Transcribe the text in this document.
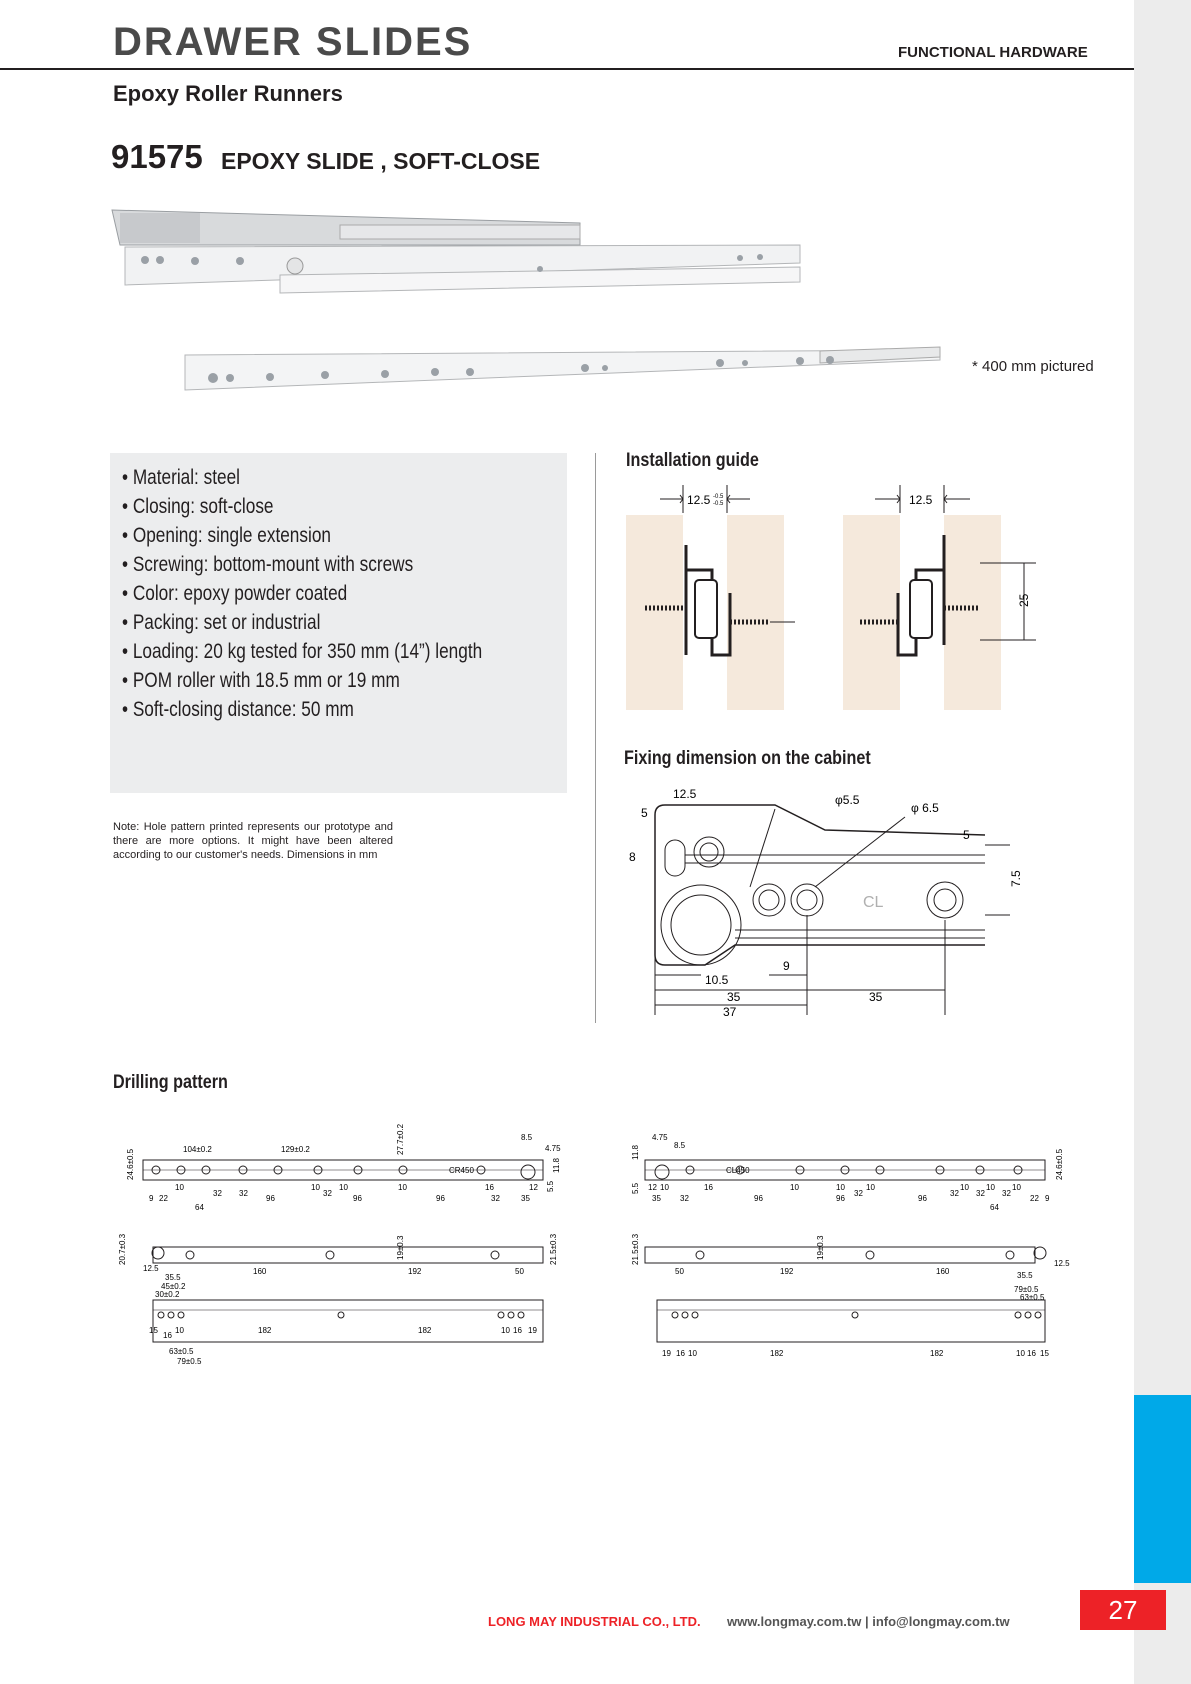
27
DRAWER SLIDES	FUNCTIONAL HARDWARE
Epoxy Roller Runners
91575 EPOXY SLIDE , SOFT-CLOSE
* 400 mm pictured
• Material: steel
• Closing: soft-close
• Opening: single extension
• Screwing: bottom-mount with screws
• Color: epoxy powder coated
• Packing: set or industrial
• Loading: 20 kg tested for 350 mm (14”) length
• POM roller with 18.5 mm or 19 mm
• Soft-closing distance: 50 mm
Note: Hole pattern printed represents our prototype and there are more options. It might have been altered according to our customer's needs. Dimensions in mm
Installation guide
12.5 -0.5
-0.5	12.5
25
Fixing dimension on the cabinet
12.5
5
φ5.5
φ 6.5
5
8
7.5
CL
9
10.5
35	35
37
Drilling pattern
104±0.2	129±0.2	27.7±0.2	8.5
4.75
24.6±0.5	11.8
CR450
9 22
64
10
32 32
96
10
32
10
96
10
96
16
32	35
12 5.5
20.7±0.3	19±0.3	21.5±0.3
160	192	50
12.5
35.5
45±0.2
30±0.2
15
16
10	182	182	10 16 19
63±0.5
79±0.5
4.75
8.5
11.8	24.6±0.5
CL450
5.5 12
35
10
32
16
96
10
96
10	10
32
96
32
10
32
10
32
10
64
22 9
21.5±0.3	19±0.3
50	192	160	35.5
12.5
79±0.5
63±0.5
19 16 10	182	182	10 16 15
LONG MAY INDUSTRIAL CO., LTD. www.longmay.com.tw | info@longmay.com.tw
